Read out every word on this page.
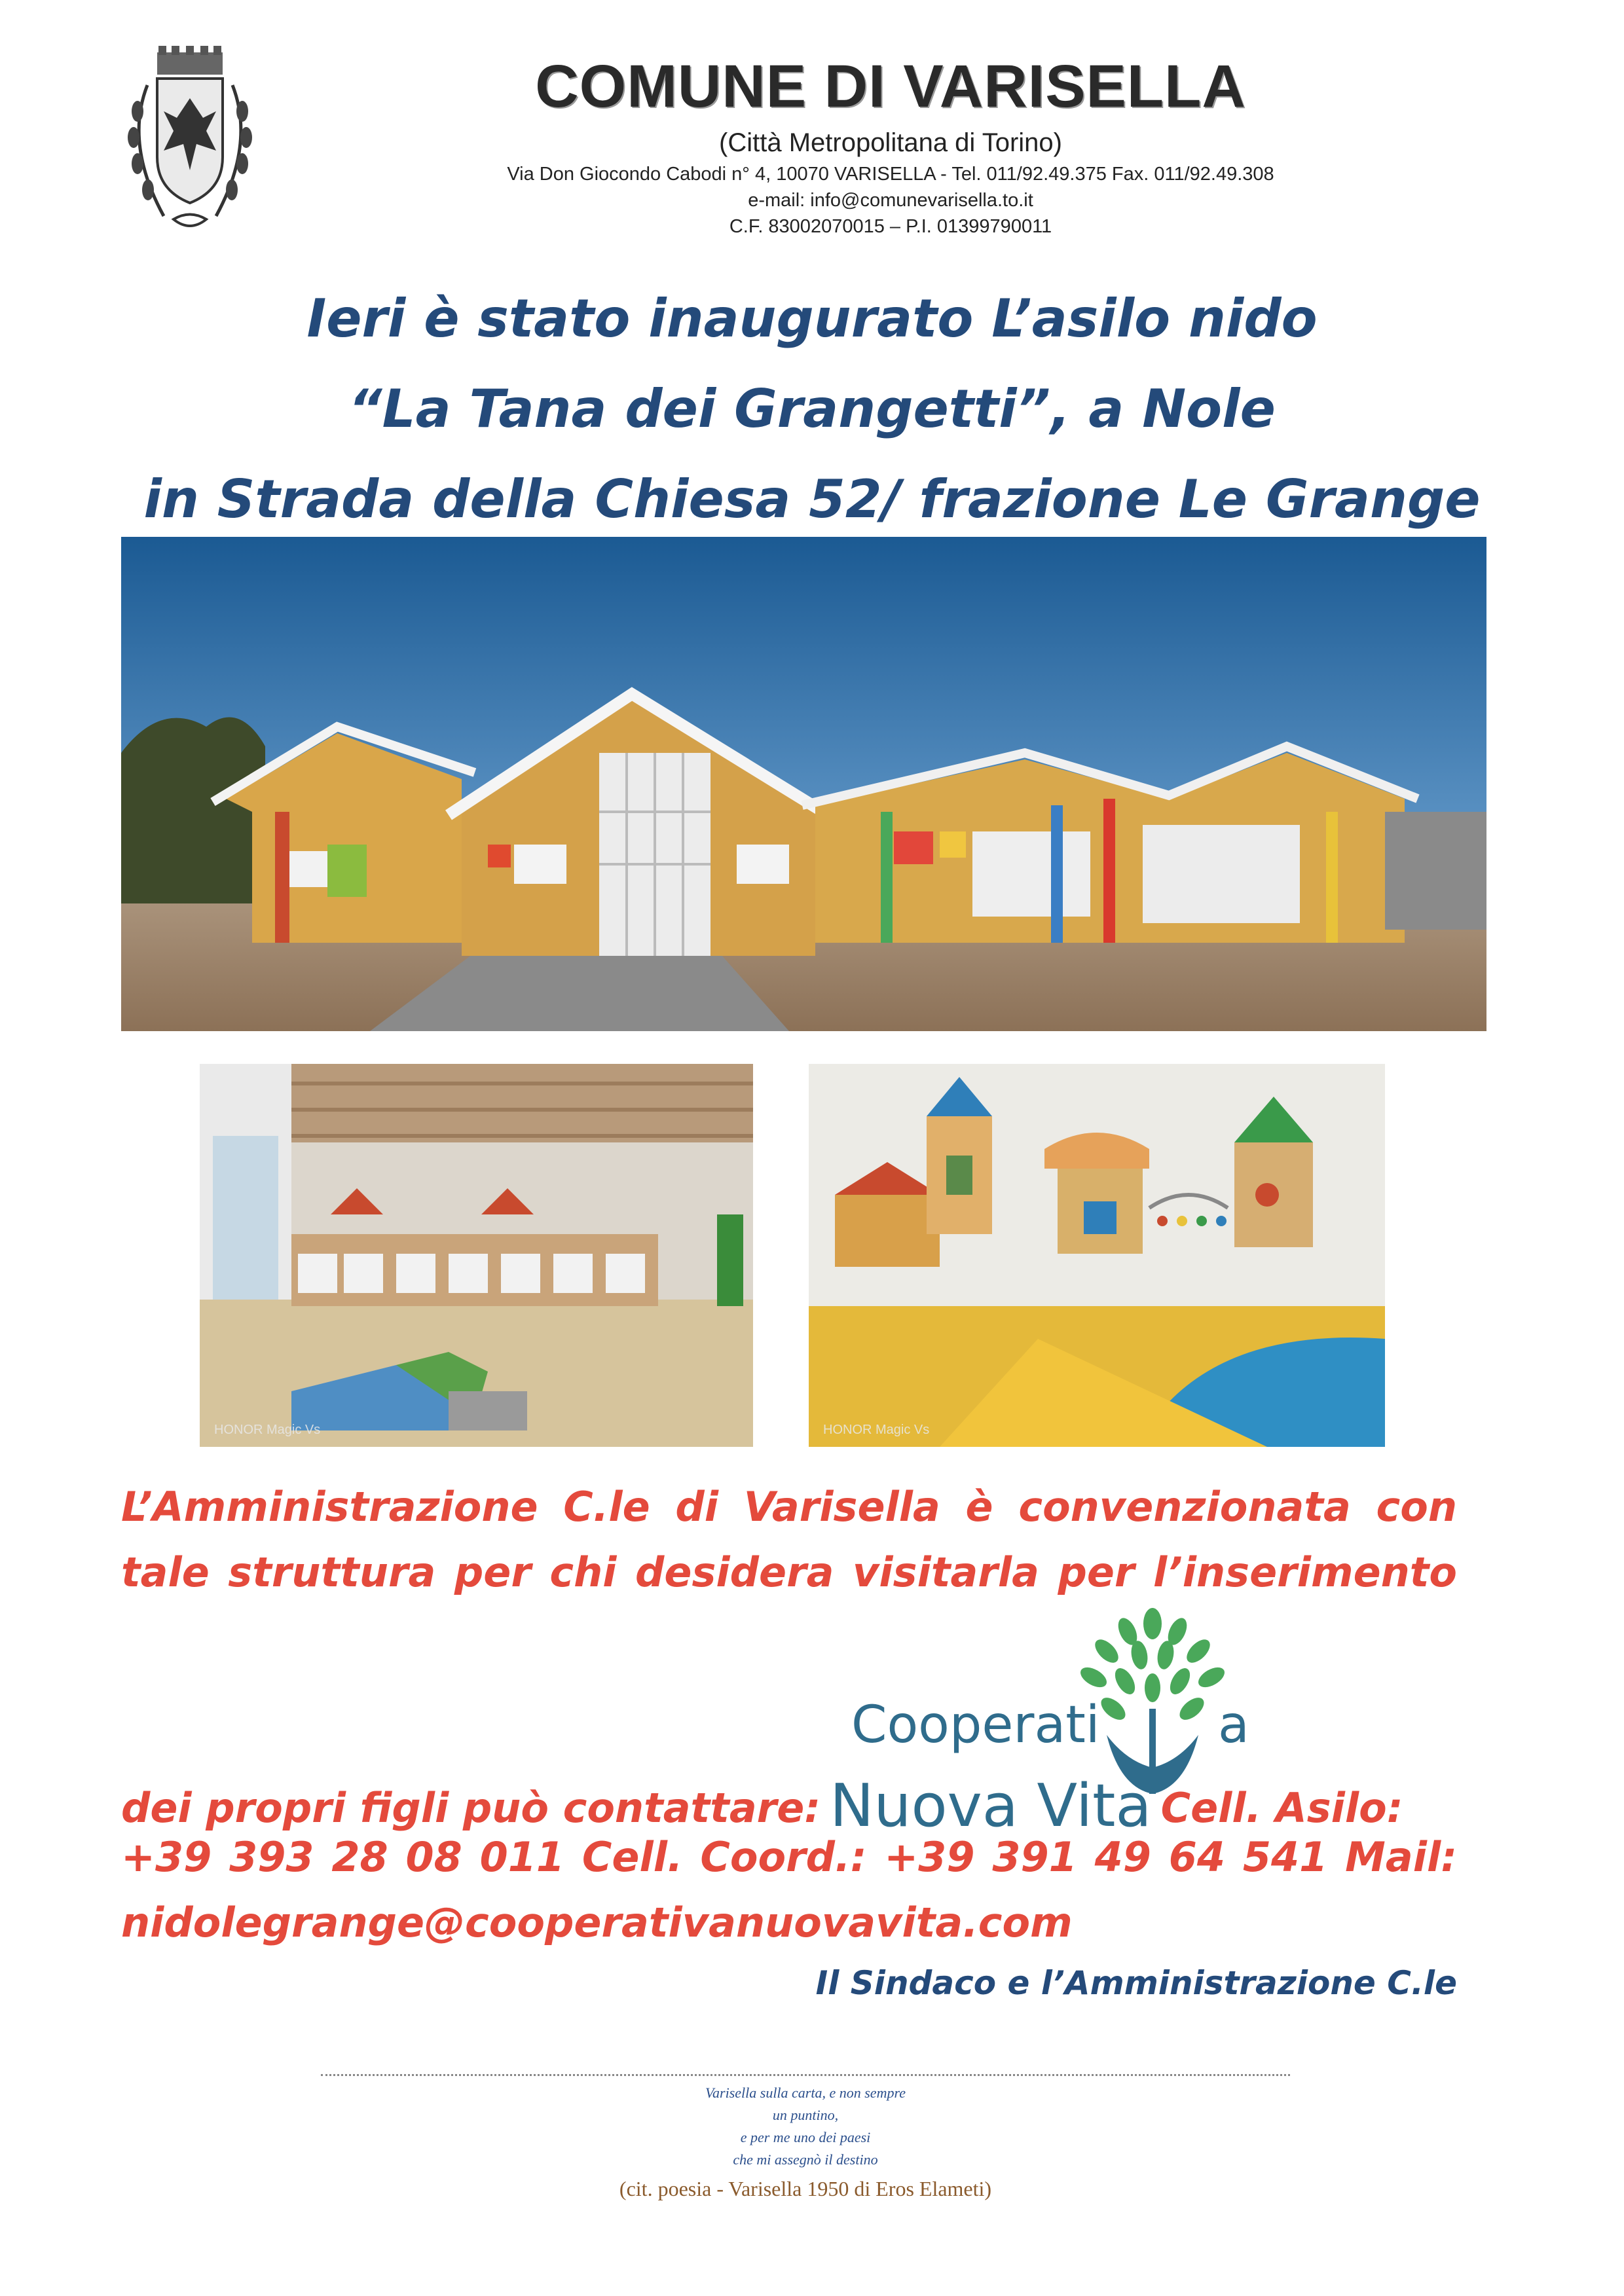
COMUNE DI VARISELLA
(Città Metropolitana di Torino)
Via Don Giocondo Cabodi n° 4, 10070 VARISELLA - Tel. 011/92.49.375 Fax. 011/92.49.308
e-mail: info@comunevarisella.to.it
C.F. 83002070015 – P.I. 01399790011
Ieri è stato inaugurato L’asilo nido
“La Tana dei Grangetti”, a Nole
in Strada della Chiesa 52/ frazione Le Grange
HONOR Magic Vs	HONOR Magic Vs
L’Amministrazione C.le di Varisella è convenzionata con
tale struttura per chi desidera visitarla per l’inserimento
Cooperati a
dei propri figli può contattare: Nuova Vita Cell. Asilo:
+39 393 28 08 011 Cell. Coord.: +39 391 49 64 541 Mail:
nidolegrange@cooperativanuovavita.com
Il Sindaco e l’Amministrazione C.le
Varisella sulla carta, e non sempre
un puntino,
e per me uno dei paesi
che mi assegnò il destino
(cit. poesia - Varisella 1950 di Eros Elameti)
